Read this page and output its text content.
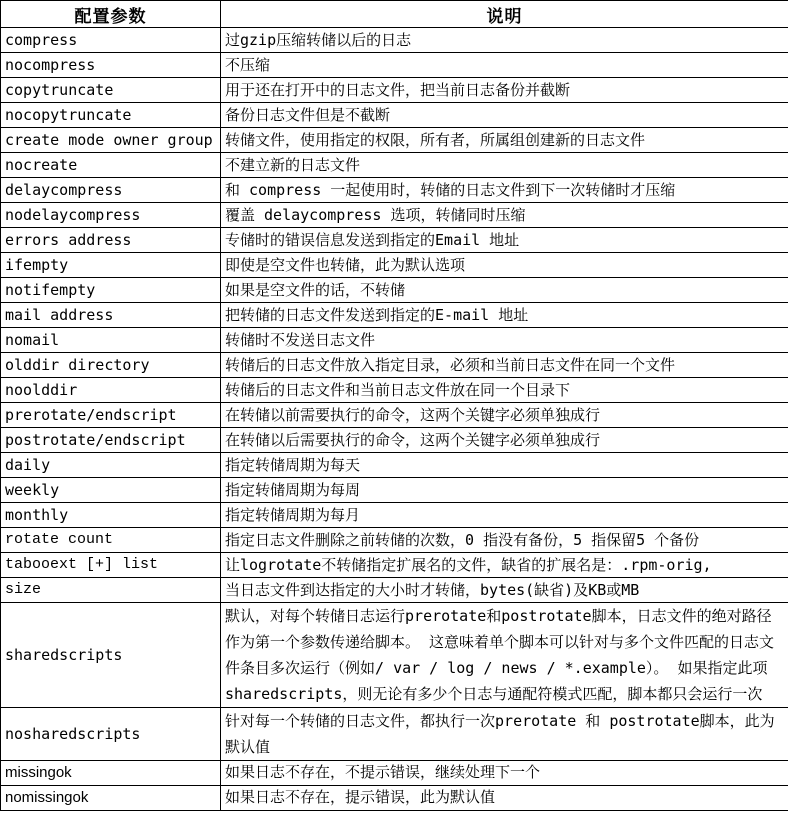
配置参数	说明
compress	过gzip压缩转储以后的日志
nocompress	不压缩
copytruncate	用于还在打开中的日志文件，把当前日志备份并截断
nocopytruncate	备份日志文件但是不截断
create mode owner group	转储文件，使用指定的权限，所有者，所属组创建新的日志文件
nocreate	不建立新的日志文件
delaycompress	和 compress 一起使用时，转储的日志文件到下一次转储时才压缩
nodelaycompress	覆盖 delaycompress 选项，转储同时压缩
errors address	专储时的错误信息发送到指定的Email 地址
ifempty	即使是空文件也转储，此为默认选项
notifempty	如果是空文件的话，不转储
mail address	把转储的日志文件发送到指定的E-mail 地址
nomail	转储时不发送日志文件
olddir directory	转储后的日志文件放入指定目录，必须和当前日志文件在同一个文件
noolddir	转储后的日志文件和当前日志文件放在同一个目录下
prerotate/endscript	在转储以前需要执行的命令，这两个关键字必须单独成行
postrotate/endscript	在转储以后需要执行的命令，这两个关键字必须单独成行
daily	指定转储周期为每天
weekly	指定转储周期为每周
monthly	指定转储周期为每月
rotate count	指定日志文件删除之前转储的次数，0 指没有备份，5 指保留5 个备份
tabooext [+] list	让logrotate不转储指定扩展名的文件，缺省的扩展名是：.rpm-orig,
size	当日志文件到达指定的大小时才转储，bytes(缺省)及KB或MB
sharedscripts	默认，对每个转储日志运行prerotate和postrotate脚本，日志文件的绝对路径作为第一个参数传递给脚本。 这意味着单个脚本可以针对与多个文件匹配的日志文件条目多次运行（例如/ var / log / news / *.example）。 如果指定此项sharedscripts，则无论有多少个日志与通配符模式匹配，脚本都只会运行一次
nosharedscripts	针对每一个转储的日志文件，都执行一次prerotate 和 postrotate脚本，此为默认值
missingok	如果日志不存在，不提示错误，继续处理下一个
nomissingok	如果日志不存在，提示错误，此为默认值
